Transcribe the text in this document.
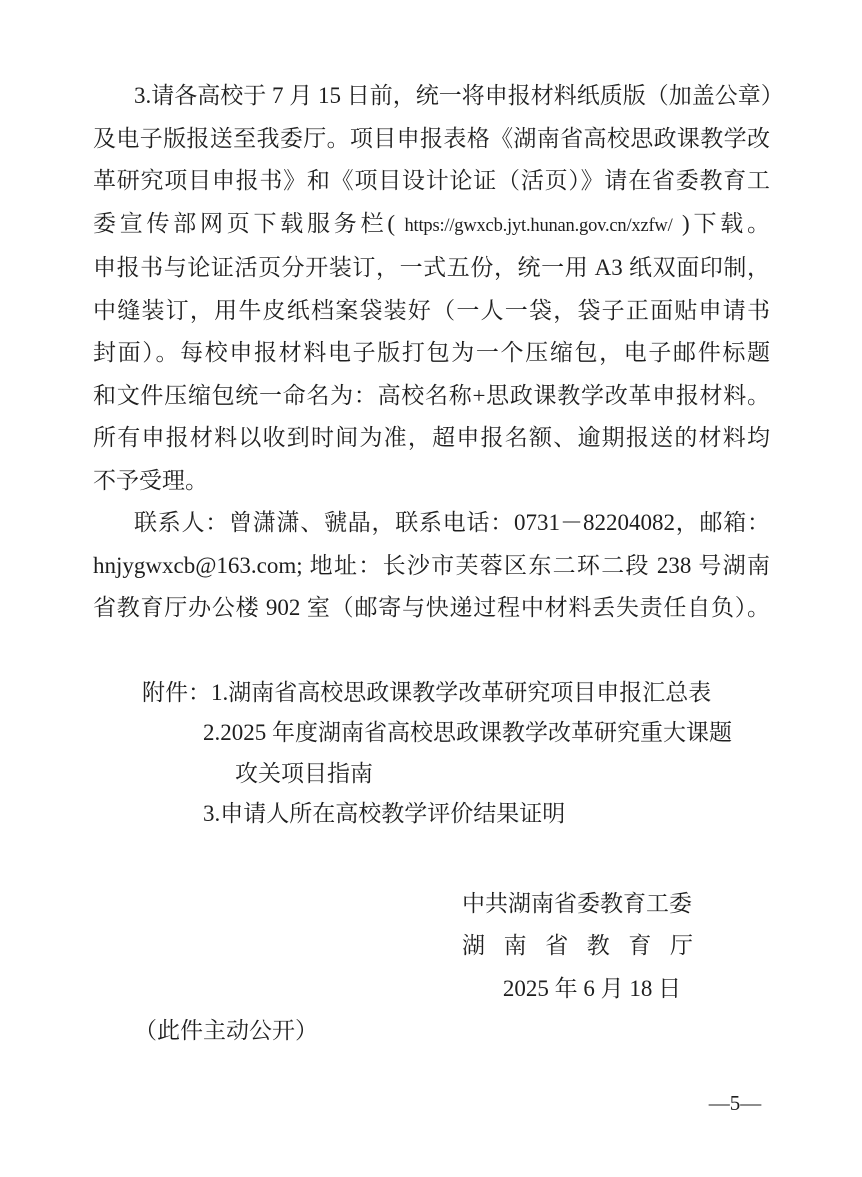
3.请各高校于 7 月 15 日前，统一将申报材料纸质版（加盖公章）
及电子版报送至我委厅。项目申报表格《湖南省高校思政课教学改
革研究项目申报书》和《项目设计论证（活页）》请在省委教育工
委宣传部网页下载服务栏( https://gwxcb.jyt.hunan.gov.cn/xzfw/ )下载。
申报书与论证活页分开装订，一式五份，统一用 A3 纸双面印制，
中缝装订，用牛皮纸档案袋装好（一人一袋，袋子正面贴申请书
封面）。每校申报材料电子版打包为一个压缩包，电子邮件标题
和文件压缩包统一命名为：高校名称+思政课教学改革申报材料。
所有申报材料以收到时间为准，超申报名额、逾期报送的材料均
不予受理。
联系人：曾潇潇、虢晶，联系电话：0731－82204082，邮箱：
hnjygwxcb@163.com; 地址：长沙市芙蓉区东二环二段 238 号湖南
省教育厅办公楼 902 室（邮寄与快递过程中材料丢失责任自负）。
附件：1.湖南省高校思政课教学改革研究项目申报汇总表
2.2025 年度湖南省高校思政课教学改革研究重大课题
攻关项目指南
3.申请人所在高校教学评价结果证明
中共湖南省委教育工委
湖南省教育厅
2025 年 6 月 18 日
（此件主动公开）
—5—
